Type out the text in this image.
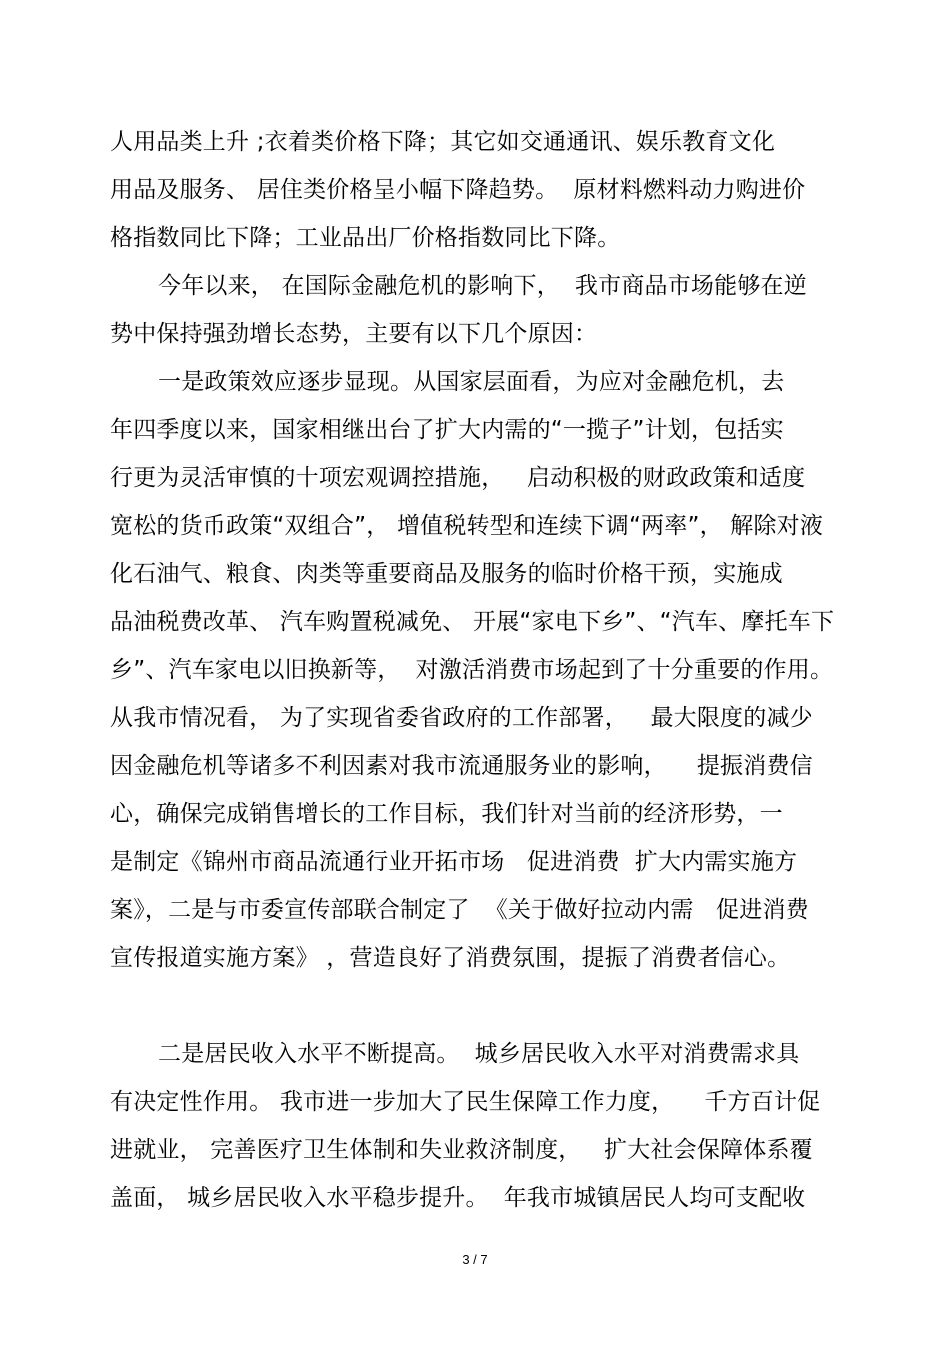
人用品类上升 ;衣着类价格下降；其它如交通通讯、娱乐教育文化
用品及服务、 居住类价格呈小幅下降趋势。  原材料燃料动力购进价
格指数同比下降；工业品出厂价格指数同比下降。
今年以来， 在国际金融危机的影响下，  我市商品市场能够在逆
势中保持强劲增长态势，主要有以下几个原因：
一是政策效应逐步显现。从国家层面看，为应对金融危机，去
年四季度以来，国家相继出台了扩大内需的“一揽子”计划，包括实
行更为灵活审慎的十项宏观调控措施，   启动积极的财政政策和适度
宽松的货币政策“双组合”， 增值税转型和连续下调“两率”， 解除对液
化石油气、粮食、肉类等重要商品及服务的临时价格干预，实施成
品油税费改革、 汽车购置税减免、 开展“家电下乡”、“汽车、摩托车下
乡”、汽车家电以旧换新等，  对激活消费市场起到了十分重要的作用。
从我市情况看， 为了实现省委省政府的工作部署，   最大限度的减少
因金融危机等诸多不利因素对我市流通服务业的影响，    提振消费信
心，确保完成销售增长的工作目标，我们针对当前的经济形势，一
是制定《锦州市商品流通行业开拓市场   促进消费  扩大内需实施方
案》，二是与市委宣传部联合制定了  《关于做好拉动内需   促进消费
宣传报道实施方案》 ，营造良好了消费氛围，提振了消费者信心。
二是居民收入水平不断提高。  城乡居民收入水平对消费需求具
有决定性作用。 我市进一步加大了民生保障工作力度，    千方百计促
进就业， 完善医疗卫生体制和失业救济制度，   扩大社会保障体系覆
盖面， 城乡居民收入水平稳步提升。  年我市城镇居民人均可支配收
3 / 7
